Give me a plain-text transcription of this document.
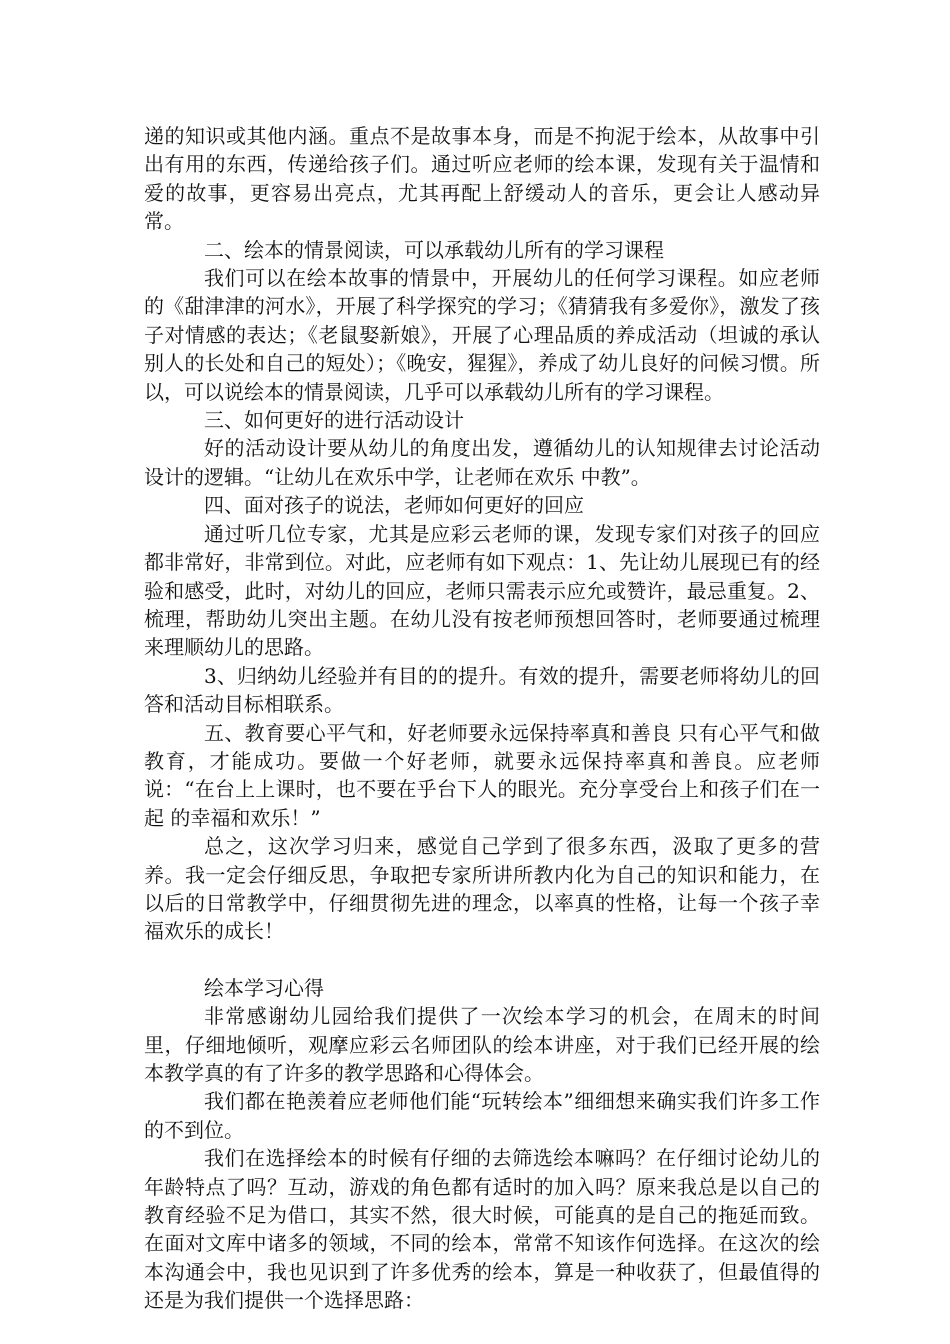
递的知识或其他内涵。重点不是故事本身，而是不拘泥于绘本，从故事中引出有用的东西，传递给孩子们。通过听应老师的绘本课，发现有关于温情和爱的故事，更容易出亮点，尤其再配上舒缓动人的音乐，更会让人感动异常。

二、绘本的情景阅读，可以承载幼儿所有的学习课程

我们可以在绘本故事的情景中，开展幼儿的任何学习课程。如应老师的《甜津津的河水》，开展了科学探究的学习；《猜猜我有多爱你》，激发了孩子对情感的表达；《老鼠娶新娘》，开展了心理品质的养成活动（坦诚的承认别人的长处和自己的短处）；《晚安，猩猩》，养成了幼儿良好的问候习惯。所以，可以说绘本的情景阅读，几乎可以承载幼儿所有的学习课程。

三、如何更好的进行活动设计

好的活动设计要从幼儿的角度出发，遵循幼儿的认知规律去讨论活动设计的逻辑。“让幼儿在欢乐中学，让老师在欢乐 中教”。

四、面对孩子的说法，老师如何更好的回应

通过听几位专家，尤其是应彩云老师的课，发现专家们对孩子的回应都非常好，非常到位。对此，应老师有如下观点：1、先让幼儿展现已有的经验和感受，此时，对幼儿的回应，老师只需表示应允或赞许，最忌重复。2、梳理，帮助幼儿突出主题。在幼儿没有按老师预想回答时，老师要通过梳理来理顺幼儿的思路。

3、归纳幼儿经验并有目的的提升。有效的提升，需要老师将幼儿的回答和活动目标相联系。

五、教育要心平气和，好老师要永远保持率真和善良 只有心平气和做教育，才能成功。要做一个好老师，就要永远保持率真和善良。应老师说：“在台上上课时，也不要在乎台下人的眼光。充分享受台上和孩子们在一起 的幸福和欢乐！”

总之，这次学习归来，感觉自己学到了很多东西，汲取了更多的营养。我一定会仔细反思，争取把专家所讲所教内化为自己的知识和能力，在以后的日常教学中，仔细贯彻先进的理念，以率真的性格，让每一个孩子幸福欢乐的成长！

绘本学习心得

非常感谢幼儿园给我们提供了一次绘本学习的机会，在周末的时间里，仔细地倾听，观摩应彩云名师团队的绘本讲座，对于我们已经开展的绘本教学真的有了许多的教学思路和心得体会。

我们都在艳羡着应老师他们能“玩转绘本”细细想来确实我们许多工作的不到位。

我们在选择绘本的时候有仔细的去筛选绘本嘛吗？在仔细讨论幼儿的年龄特点了吗？互动，游戏的角色都有适时的加入吗？原来我总是以自己的教育经验不足为借口，其实不然，很大时候，可能真的是自己的拖延而致。在面对文库中诸多的领域，不同的绘本，常常不知该作何选择。在这次的绘本沟通会中，我也见识到了许多优秀的绘本，算是一种收获了，但最值得的还是为我们提供一个选择思路：
